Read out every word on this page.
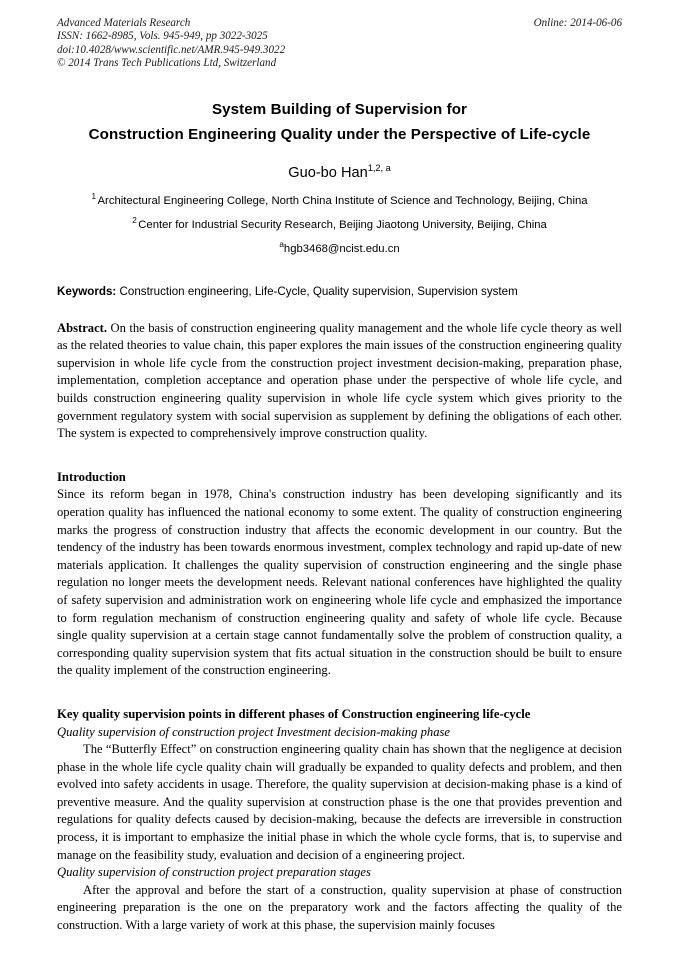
Advanced Materials Research
ISSN: 1662-8985, Vols. 945-949, pp 3022-3025
doi:10.4028/www.scientific.net/AMR.945-949.3022
© 2014 Trans Tech Publications Ltd, Switzerland
Online: 2014-06-06
System Building of Supervision for
Construction Engineering Quality under the Perspective of Life-cycle
Guo-bo Han$^{1,2, a}$
$^1$ Architectural Engineering College, North China Institute of Science and Technology, Beijing, China
$^2$ Center for Industrial Security Research, Beijing Jiaotong University, Beijing, China
$^a$hgb3468@ncist.edu.cn
Keywords: Construction engineering, Life-Cycle, Quality supervision, Supervision system
Abstract. On the basis of construction engineering quality management and the whole life cycle theory as well as the related theories to value chain, this paper explores the main issues of the construction engineering quality supervision in whole life cycle from the construction project investment decision-making, preparation phase, implementation, completion acceptance and operation phase under the perspective of whole life cycle, and builds construction engineering quality supervision in whole life cycle system which gives priority to the government regulatory system with social supervision as supplement by defining the obligations of each other. The system is expected to comprehensively improve construction quality.
Introduction

Since its reform began in 1978, China's construction industry has been developing significantly and its operation quality has influenced the national economy to some extent. The quality of construction engineering marks the progress of construction industry that affects the economic development in our country. But the tendency of the industry has been towards enormous investment, complex technology and rapid up-date of new materials application. It challenges the quality supervision of construction engineering and the single phase regulation no longer meets the development needs. Relevant national conferences have highlighted the quality of safety supervision and administration work on engineering whole life cycle and emphasized the importance to form regulation mechanism of construction engineering quality and safety of whole life cycle. Because single quality supervision at a certain stage cannot fundamentally solve the problem of construction quality, a corresponding quality supervision system that fits actual situation in the construction should be built to ensure the quality implement of the construction engineering.

Key quality supervision points in different phases of Construction engineering life-cycle
Quality supervision of construction project Investment decision-making phase

The “Butterfly Effect” on construction engineering quality chain has shown that the negligence at decision phase in the whole life cycle quality chain will gradually be expanded to quality defects and problem, and then evolved into safety accidents in usage. Therefore, the quality supervision at decision-making phase is a kind of preventive measure. And the quality supervision at construction phase is the one that provides prevention and regulations for quality defects caused by decision-making, because the defects are irreversible in construction process, it is important to emphasize the initial phase in which the whole cycle forms, that is, to supervise and manage on the feasibility study, evaluation and decision of a engineering project.

Quality supervision of construction project preparation stages

After the approval and before the start of a construction, quality supervision at phase of construction engineering preparation is the one on the preparatory work and the factors affecting the quality of the construction. With a large variety of work at this phase, the supervision mainly focuses
